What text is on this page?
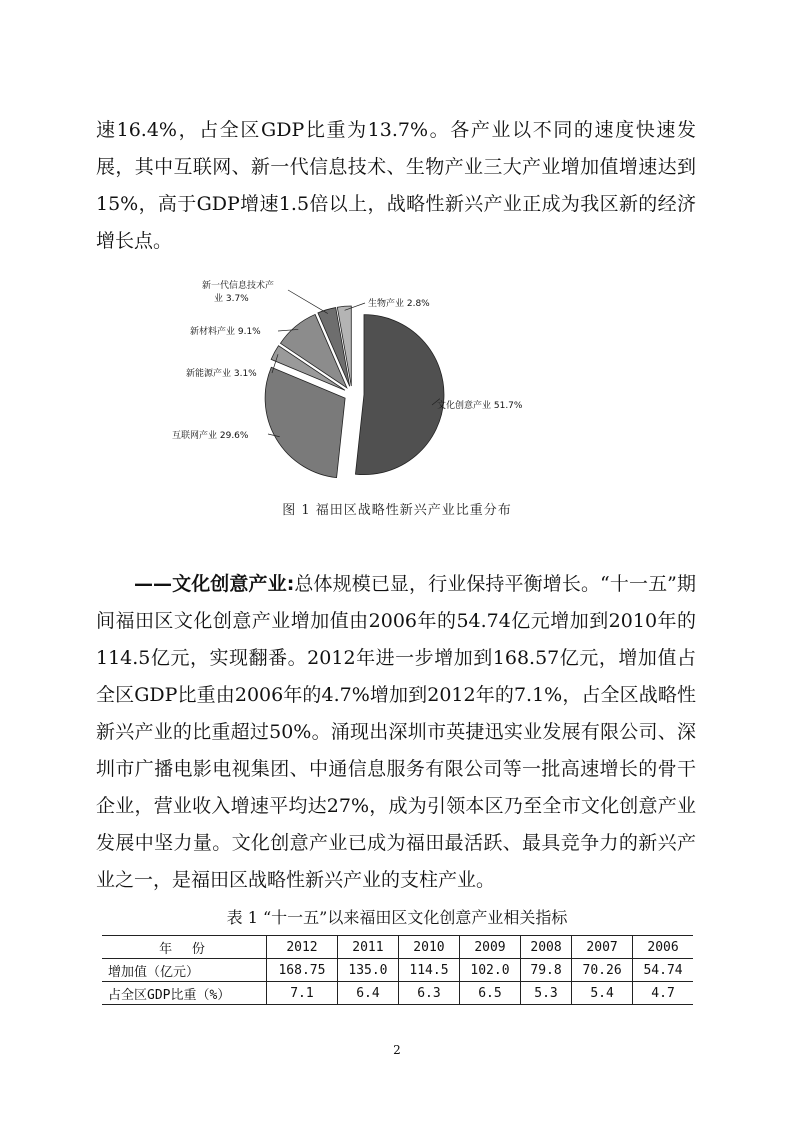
速16.4%，占全区GDP比重为13.7%。各产业以不同的速度快速发展，其中互联网、新一代信息技术、生物产业三大产业增加值增速达到15%，高于GDP增速1.5倍以上，战略性新兴产业正成为我区新的经济增长点。
文化创意产业 51.7%
互联网产业 29.6%
新能源产业 3.1%
新材料产业 9.1%
新一代信息技术产
业 3.7%	生物产业 2.8%
图 1 福田区战略性新兴产业比重分布
——文化创意产业:总体规模已显，行业保持平衡增长。“十一五”期间福田区文化创意产业增加值由2006年的54.74亿元增加到2010年的114.5亿元，实现翻番。2012年进一步增加到168.57亿元，增加值占全区GDP比重由2006年的4.7%增加到2012年的7.1%，占全区战略性新兴产业的比重超过50%。涌现出深圳市英捷迅实业发展有限公司、深圳市广播电影电视集团、中通信息服务有限公司等一批高速增长的骨干企业，营业收入增速平均达27%，成为引领本区乃至全市文化创意产业发展中坚力量。文化创意产业已成为福田最活跃、最具竞争力的新兴产业之一，是福田区战略性新兴产业的支柱产业。
表 1 “十一五”以来福田区文化创意产业相关指标
年 份	2012	2011	2010	2009	2008	2007	2006
增加值（亿元）	168.75	135.0	114.5	102.0	79.8	70.26	54.74
占全区GDP比重（%）	7.1	6.4	6.3	6.5	5.3	5.4	4.7
2
